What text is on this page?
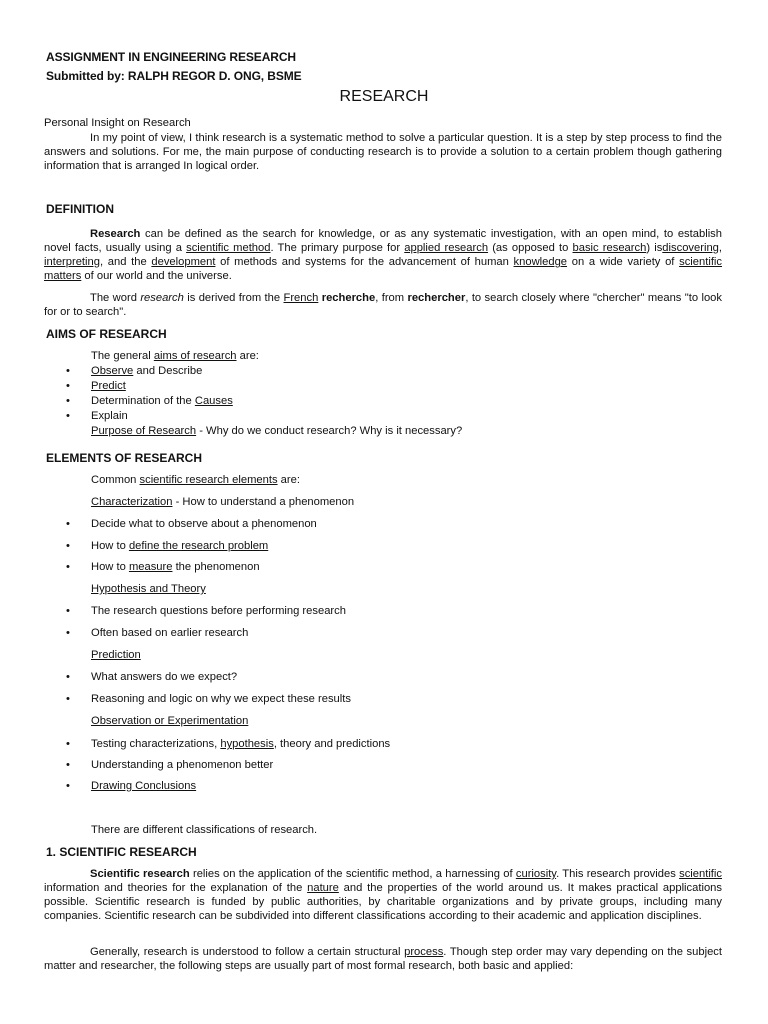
ASSIGNMENT IN ENGINEERING RESEARCH
Submitted by: RALPH REGOR D. ONG, BSME
RESEARCH
Personal Insight on Research
In my point of view, I think research is a systematic method to solve a particular question. It is a step by step process to find the answers and solutions. For me, the main purpose of conducting research is to provide a solution to a certain problem though gathering information that is arranged In logical order.
DEFINITION
Research can be defined as the search for knowledge, or as any systematic investigation, with an open mind, to establish novel facts, usually using a scientific method. The primary purpose for applied research (as opposed to basic research) isdiscovering, interpreting, and the development of methods and systems for the advancement of human knowledge on a wide variety of scientific matters of our world and the universe.
The word research is derived from the French recherche, from rechercher, to search closely where "chercher" means "to look for or to search".
AIMS OF RESEARCH
The general aims of research are:
• Observe and Describe
• Predict
• Determination of the Causes
• Explain
Purpose of Research - Why do we conduct research? Why is it necessary?
ELEMENTS OF RESEARCH
Common scientific research elements are:
Characterization - How to understand a phenomenon
• Decide what to observe about a phenomenon
• How to define the research problem
• How to measure the phenomenon
Hypothesis and Theory
• The research questions before performing research
• Often based on earlier research
Prediction
• What answers do we expect?
• Reasoning and logic on why we expect these results
Observation or Experimentation
• Testing characterizations, hypothesis, theory and predictions
• Understanding a phenomenon better
• Drawing Conclusions
There are different classifications of research.
1. SCIENTIFIC RESEARCH
Scientific research relies on the application of the scientific method, a harnessing of curiosity. This research provides scientific information and theories for the explanation of the nature and the properties of the world around us. It makes practical applications possible. Scientific research is funded by public authorities, by charitable organizations and by private groups, including many companies. Scientific research can be subdivided into different classifications according to their academic and application disciplines.
Generally, research is understood to follow a certain structural process. Though step order may vary depending on the subject matter and researcher, the following steps are usually part of most formal research, both basic and applied:
